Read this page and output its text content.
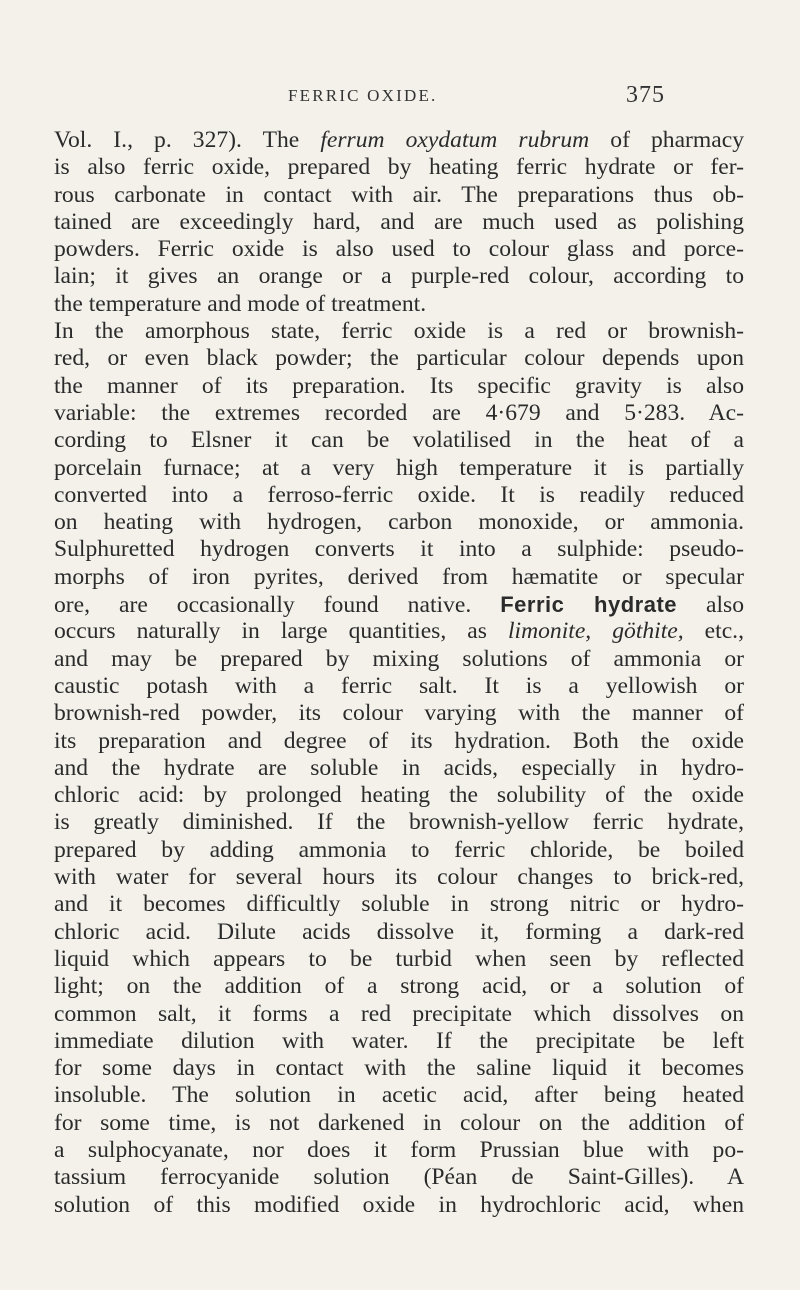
FERRIC OXIDE.	375
Vol. I., p. 327). The ferrum oxydatum rubrum of pharmacy
is also ferric oxide, prepared by heating ferric hydrate or fer-
rous carbonate in contact with air. The preparations thus ob-
tained are exceedingly hard, and are much used as polishing
powders. Ferric oxide is also used to colour glass and porce-
lain; it gives an orange or a purple-red colour, according to
the temperature and mode of treatment.
In the amorphous state, ferric oxide is a red or brownish-
red, or even black powder; the particular colour depends upon
the manner of its preparation. Its specific gravity is also
variable: the extremes recorded are 4·679 and 5·283. Ac-
cording to Elsner it can be volatilised in the heat of a
porcelain furnace; at a very high temperature it is partially
converted into a ferroso-ferric oxide. It is readily reduced
on heating with hydrogen, carbon monoxide, or ammonia.
Sulphuretted hydrogen converts it into a sulphide: pseudo-
morphs of iron pyrites, derived from hæmatite or specular
ore, are occasionally found native. Ferric hydrate also
occurs naturally in large quantities, as limonite, göthite, etc.,
and may be prepared by mixing solutions of ammonia or
caustic potash with a ferric salt. It is a yellowish or
brownish-red powder, its colour varying with the manner of
its preparation and degree of its hydration. Both the oxide
and the hydrate are soluble in acids, especially in hydro-
chloric acid: by prolonged heating the solubility of the oxide
is greatly diminished. If the brownish-yellow ferric hydrate,
prepared by adding ammonia to ferric chloride, be boiled
with water for several hours its colour changes to brick-red,
and it becomes difficultly soluble in strong nitric or hydro-
chloric acid. Dilute acids dissolve it, forming a dark-red
liquid which appears to be turbid when seen by reflected
light; on the addition of a strong acid, or a solution of
common salt, it forms a red precipitate which dissolves on
immediate dilution with water. If the precipitate be left
for some days in contact with the saline liquid it becomes
insoluble. The solution in acetic acid, after being heated
for some time, is not darkened in colour on the addition of
a sulphocyanate, nor does it form Prussian blue with po-
tassium ferrocyanide solution (Péan de Saint-Gilles). A
solution of this modified oxide in hydrochloric acid, when
